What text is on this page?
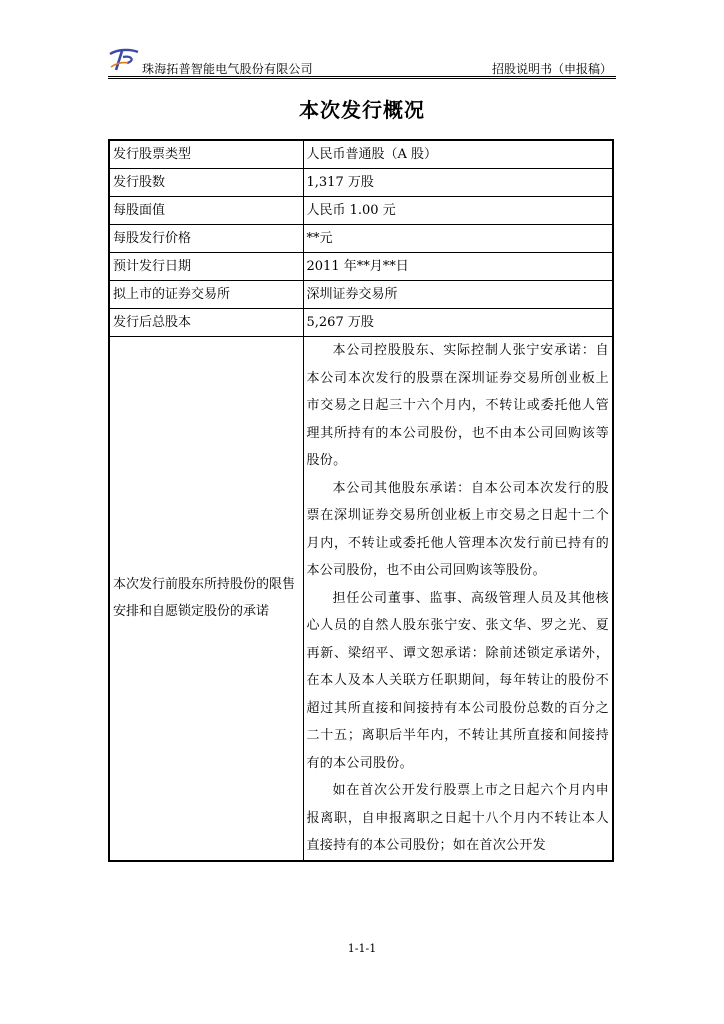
珠海拓普智能电气股份有限公司	招股说明书（申报稿）
本次发行概况
发行股票类型	人民币普通股（A 股）
发行股数	1,317 万股
每股面值	人民币 1.00 元
每股发行价格	**元
预计发行日期	2011 年**月**日
拟上市的证券交易所	深圳证券交易所
发行后总股本	5,267 万股
本次发行前股东所持股份的限售安排和自愿锁定股份的承诺	本公司控股股东、实际控制人张宁安承诺：自本公司本次发行的股票在深圳证券交易所创业板上市交易之日起三十六个月内，不转让或委托他人管理其所持有的本公司股份，也不由本公司回购该等股份。

本公司其他股东承诺：自本公司本次发行的股票在深圳证券交易所创业板上市交易之日起十二个月内，不转让或委托他人管理本次发行前已持有的本公司股份，也不由公司回购该等股份。

担任公司董事、监事、高级管理人员及其他核心人员的自然人股东张宁安、张文华、罗之光、夏再新、梁绍平、谭文恕承诺：除前述锁定承诺外，在本人及本人关联方任职期间，每年转让的股份不超过其所直接和间接持有本公司股份总数的百分之二十五；离职后半年内，不转让其所直接和间接持有的本公司股份。

如在首次公开发行股票上市之日起六个月内申报离职，自申报离职之日起十八个月内不转让本人直接持有的本公司股份；如在首次公开发

1-1-1
